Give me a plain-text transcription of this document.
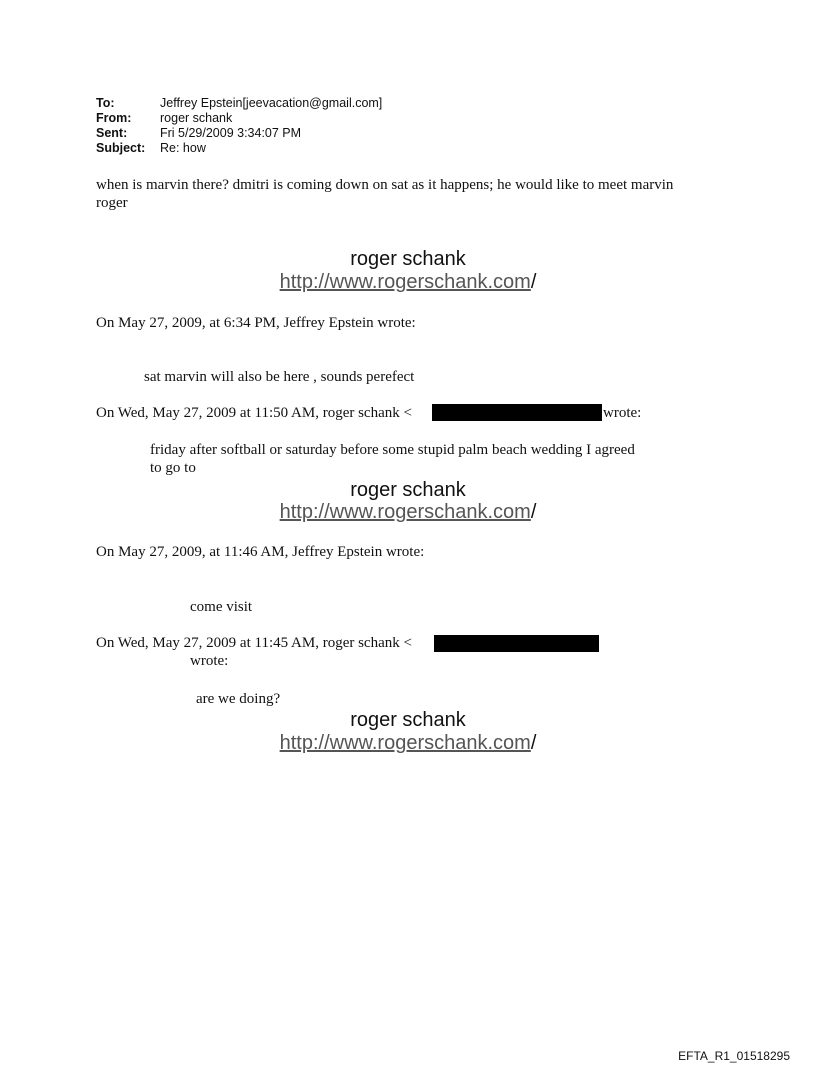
To:	Jeffrey Epstein[jeevacation@gmail.com]
From: roger schank
Sent:	Fri 5/29/2009 3:34:07 PM
Subject: Re: how
when is marvin there? dmitri is coming down on sat as it happens; he would like to meet marvin
roger
roger schank
http://www.rogerschank.com/
On May 27, 2009, at 6:34 PM, Jeffrey Epstein wrote:
sat marvin will also be here , sounds perefect
On Wed, May 27, 2009 at 11:50 AM, roger schank <	wrote:
friday after softball or saturday before some stupid palm beach wedding I agreed
to go to
roger schank
http://www.rogerschank.com/
On May 27, 2009, at 11:46 AM, Jeffrey Epstein wrote:
come visit
On Wed, May 27, 2009 at 11:45 AM, roger schank <
wrote:
are we doing?
roger schank
http://www.rogerschank.com/
EFTA_R1_01518295
